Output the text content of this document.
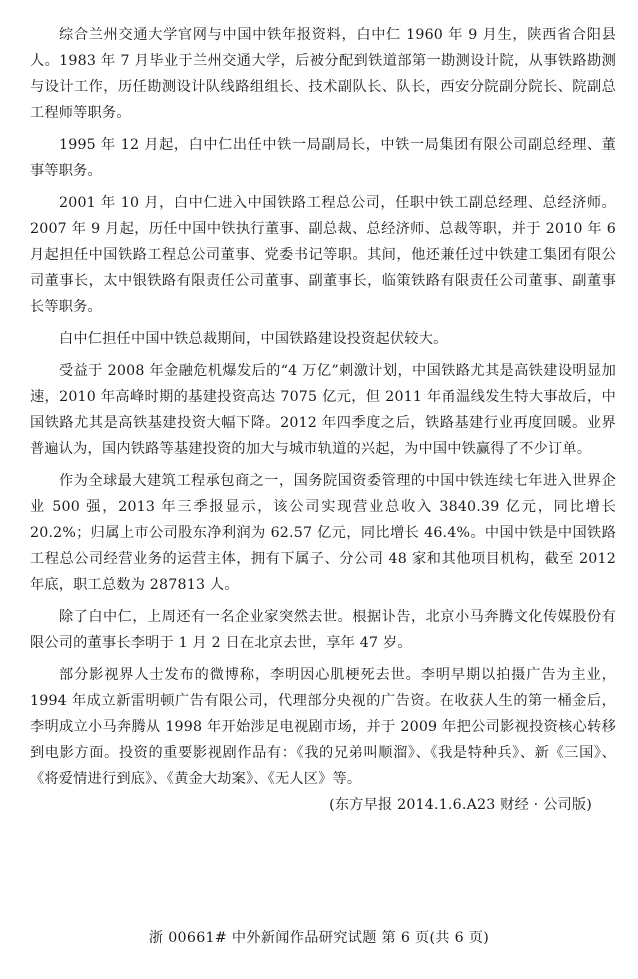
综合兰州交通大学官网与中国中铁年报资料，白中仁 1960 年 9 月生，陕西省合阳县人。1983 年 7 月毕业于兰州交通大学，后被分配到铁道部第一勘测设计院，从事铁路勘测与设计工作，历任勘测设计队线路组组长、技术副队长、队长，西安分院副分院长、院副总工程师等职务。

1995 年 12 月起，白中仁出任中铁一局副局长，中铁一局集团有限公司副总经理、董事等职务。

2001 年 10 月，白中仁进入中国铁路工程总公司，任职中铁工副总经理、总经济师。2007 年 9 月起，历任中国中铁执行董事、副总裁、总经济师、总裁等职，并于 2010 年 6 月起担任中国铁路工程总公司董事、党委书记等职。其间，他还兼任过中铁建工集团有限公司董事长，太中银铁路有限责任公司董事、副董事长，临策铁路有限责任公司董事、副董事长等职务。

白中仁担任中国中铁总裁期间，中国铁路建设投资起伏较大。

受益于 2008 年金融危机爆发后的“4 万亿”刺激计划，中国铁路尤其是高铁建设明显加速，2010 年高峰时期的基建投资高达 7075 亿元，但 2011 年甬温线发生特大事故后，中国铁路尤其是高铁基建投资大幅下降。2012 年四季度之后，铁路基建行业再度回暖。业界普遍认为，国内铁路等基建投资的加大与城市轨道的兴起，为中国中铁赢得了不少订单。

作为全球最大建筑工程承包商之一，国务院国资委管理的中国中铁连续七年进入世界企业 500 强，2013 年三季报显示，该公司实现营业总收入 3840.39 亿元，同比增长 20.2%；归属上市公司股东净利润为 62.57 亿元，同比增长 46.4%。中国中铁是中国铁路工程总公司经营业务的运营主体，拥有下属子、分公司 48 家和其他项目机构，截至 2012 年底，职工总数为 287813 人。

除了白中仁，上周还有一名企业家突然去世。根据讣告，北京小马奔腾文化传媒股份有限公司的董事长李明于 1 月 2 日在北京去世，享年 47 岁。

部分影视界人士发布的微博称，李明因心肌梗死去世。李明早期以拍摄广告为主业，1994 年成立新雷明顿广告有限公司，代理部分央视的广告资。在收获人生的第一桶金后，李明成立小马奔腾从 1998 年开始涉足电视剧市场，并于 2009 年把公司影视投资核心转移到电影方面。投资的重要影视剧作品有：《我的兄弟叫顺溜》、《我是特种兵》、新《三国》、《将爱情进行到底》、《黄金大劫案》、《无人区》等。

(东方早报 2014.1.6.A23 财经 · 公司版)
浙 00661# 中外新闻作品研究试题 第 6 页(共 6 页)
